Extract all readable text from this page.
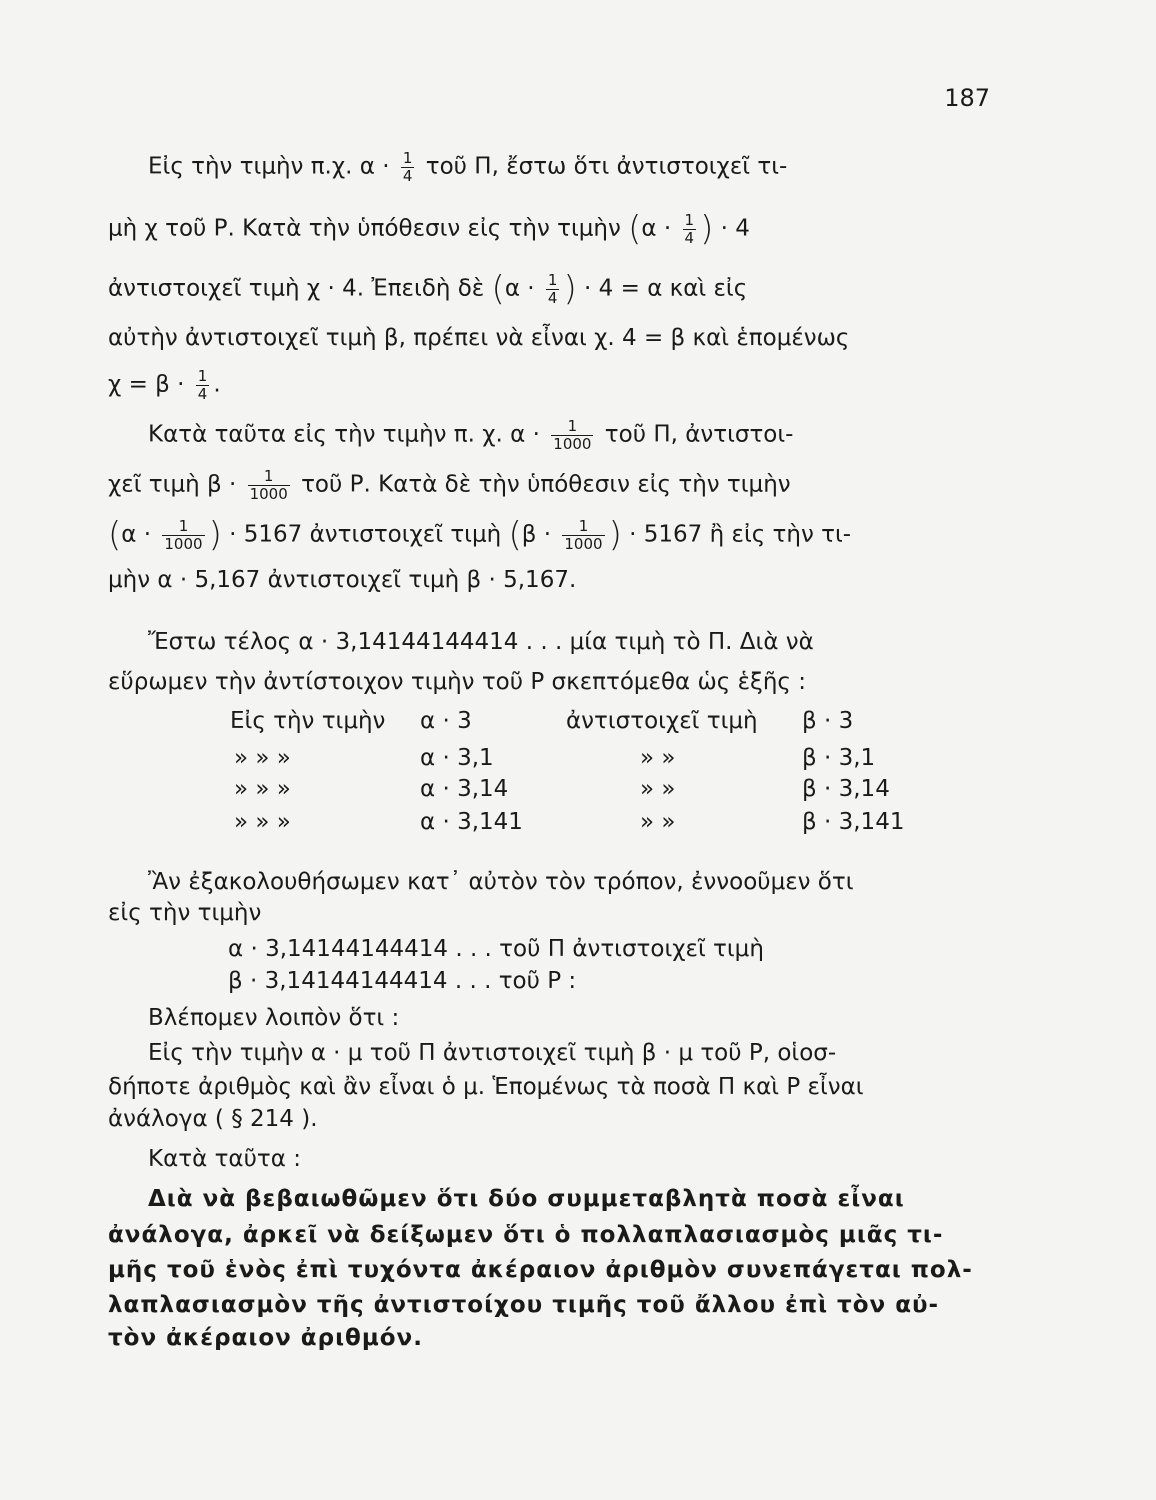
187
Εἰς τὴν τιμὴν π.χ. $\alpha \cdot \frac{1}{4}$ τοῦ Π, ἔστω ὅτι ἀντιστοιχεῖ τι-
μὴ χ τοῦ Ρ. Κατὰ τὴν ὑπόθεσιν εἰς τὴν τιμὴν ($\alpha \cdot \frac{1}{4}$ ) · 4
ἀντιστοιχεῖ τιμὴ χ · 4. Ἐπειδὴ δὲ ($\alpha \cdot \frac{1}{4}$ ) · 4 = α καὶ εἰς
αὐτὴν ἀντιστοιχεῖ τιμὴ β, πρέπει νὰ εἶναι χ. 4 = β καὶ ἑπομένως
$\chi = \beta \cdot \frac{1}{4}$ .
Κατὰ ταῦτα εἰς τὴν τιμὴν π. χ. $\alpha \cdot \frac{1}{1000}$ τοῦ Π, ἀντιστοι-
χεῖ τιμὴ $\beta \cdot \frac{1}{1000}$ τοῦ Ρ. Κατὰ δὲ τὴν ὑπόθεσιν εἰς τὴν τιμὴν
($\alpha \cdot \frac{1}{1000}$ ) · 5167 ἀντιστοιχεῖ τιμὴ ($\beta \cdot \frac{1}{1000}$ ) · 5167 ἢ εἰς τὴν τι-
μὴν α · 5,167 ἀντιστοιχεῖ τιμὴ β · 5,167.
Ἔστω τέλος α · 3,14144144414 . . . μία τιμὴ τὸ Π. Διὰ νὰ
εὕρωμεν τὴν ἀντίστοιχον τιμὴν τοῦ Ρ σκεπτόμεθα ὡς ἑξῆς :
Εἰς τὴν τιμὴν α · 3	ἀντιστοιχεῖ τιμὴ β · 3
» » »	α · 3,1	» »	β · 3,1
» » »	α · 3,14	» »	β · 3,14
» » »	α · 3,141	» »	β · 3,141
Ἂν ἐξακολουθήσωμεν κατ᾽ αὐτὸν τὸν τρόπον, ἐννοοῦμεν ὅτι
εἰς τὴν τιμὴν
α · 3,14144144414 . . . τοῦ Π ἀντιστοιχεῖ τιμὴ
β · 3,14144144414 . . . τοῦ Ρ :
Βλέπομεν λοιπὸν ὅτι :
Εἰς τὴν τιμὴν α · μ τοῦ Π ἀντιστοιχεῖ τιμὴ β · μ τοῦ Ρ, οἱοσ-
δήποτε ἀριθμὸς καὶ ἂν εἶναι ὁ μ. Ἑπομένως τὰ ποσὰ Π καὶ Ρ εἶναι
ἀνάλογα ( § 214 ).
Κατὰ ταῦτα :
Διὰ νὰ βεβαιωθῶμεν ὅτι δύο συμμεταβλητὰ ποσὰ εἶναι
ἀνάλογα, ἀρκεῖ νὰ δείξωμεν ὅτι ὁ πολλαπλασιασμὸς μιᾶς τι-
μῆς τοῦ ἑνὸς ἐπὶ τυχόντα ἀκέραιον ἀριθμὸν συνεπάγεται πολ-
λαπλασιασμὸν τῆς ἀντιστοίχου τιμῆς τοῦ ἄλλου ἐπὶ τὸν αὐ-
τὸν ἀκέραιον ἀριθμόν.
